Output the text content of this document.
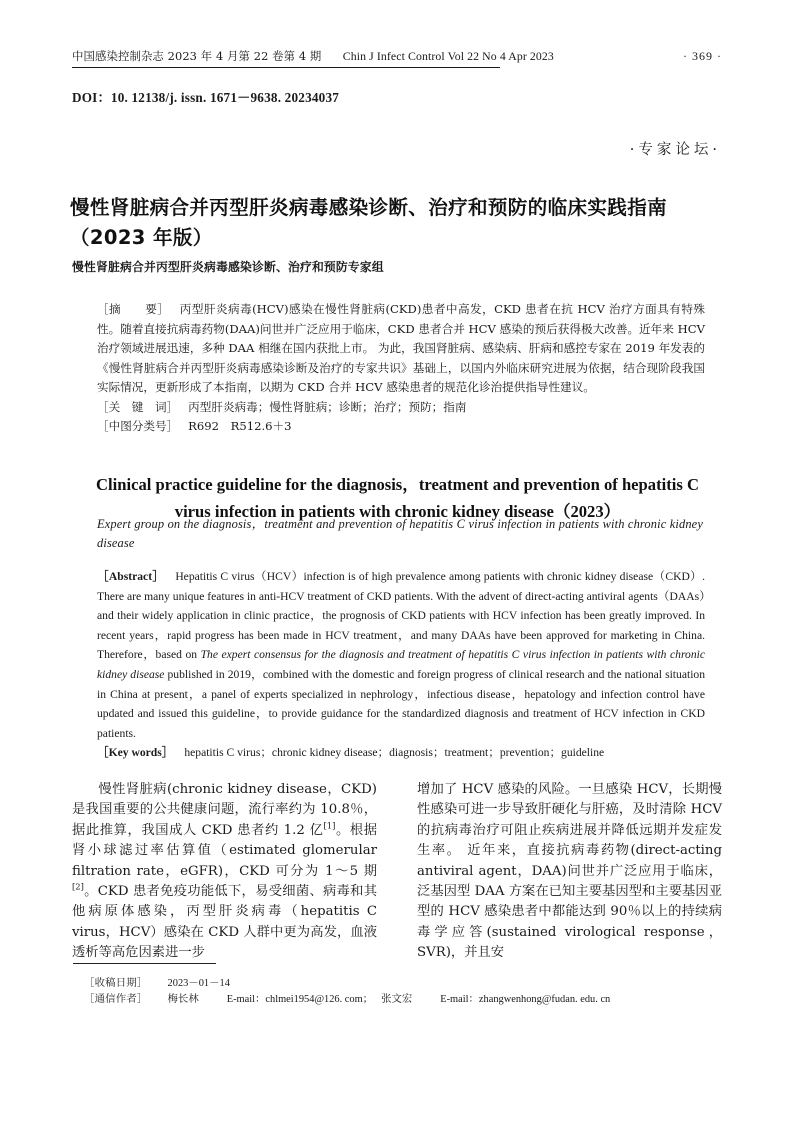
中国感染控制杂志 2023 年 4 月第 22 卷第 4 期 Chin J Infect Control Vol 22 No 4 Apr 2023	· 369 ·
DOI：10. 12138/j. issn. 1671－9638. 20234037
·专家论坛·
慢性肾脏病合并丙型肝炎病毒感染诊断、治疗和预防的临床实践指南（2023 年版）
慢性肾脏病合并丙型肝炎病毒感染诊断、治疗和预防专家组

［摘　　要］ 丙型肝炎病毒(HCV)感染在慢性肾脏病(CKD)患者中高发，CKD 患者在抗 HCV 治疗方面具有特殊性。随着直接抗病毒药物(DAA)问世并广泛应用于临床，CKD 患者合并 HCV 感染的预后获得极大改善。近年来 HCV 治疗领域进展迅速，多种 DAA 相继在国内获批上市。 为此，我国肾脏病、感染病、肝病和感控专家在 2019 年发表的《慢性肾脏病合并丙型肝炎病毒感染诊断及治疗的专家共识》基础上，以国内外临床研究进展为依据，结合现阶段我国实际情况，更新形成了本指南，以期为 CKD 合并 HCV 感染患者的规范化诊治提供指导性建议。

［关　键　词］ 丙型肝炎病毒；慢性肾脏病；诊断；治疗；预防；指南

［中图分类号］ R692　R512.6＋3

Clinical practice guideline for the diagnosis，treatment and prevention of hepatitis C virus infection in patients with chronic kidney disease（2023）
Expert group on the diagnosis，treatment and prevention of hepatitis C virus infection in patients with chronic kidney disease

［Abstract］ Hepatitis C virus（HCV）infection is of high prevalence among patients with chronic kidney disease（CKD）. There are many unique features in anti-HCV treatment of CKD patients. With the advent of direct-acting antiviral agents（DAAs）and their widely application in clinic practice，the prognosis of CKD patients with HCV infection has been greatly improved. In recent years，rapid progress has been made in HCV treatment，and many DAAs have been approved for marketing in China. Therefore，based on The expert consensus for the diagnosis and treatment of hepatitis C virus infection in patients with chronic kidney disease published in 2019，combined with the domestic and foreign progress of clinical research and the national situation in China at present，a panel of experts specialized in nephrology，infectious disease，hepatology and infection control have updated and issued this guideline，to provide guidance for the standardized diagnosis and treatment of HCV infection in CKD patients.

［Key words］ hepatitis C virus；chronic kidney disease；diagnosis；treatment；prevention；guideline

慢性肾脏病(chronic kidney disease，CKD)是我国重要的公共健康问题，流行率约为 10.8％，据此推算，我国成人 CKD 患者约 1.2 亿[1]。根据肾小球滤过率估算值（estimated glomerular filtration rate，eGFR)，CKD 可分为 1～5 期[2]。CKD 患者免疫功能低下，易受细菌、病毒和其他病原体感染，丙型肝炎病毒（hepatitis C virus，HCV）感染在 CKD 人群中更为高发，血液透析等高危因素进一步

增加了 HCV 感染的风险。一旦感染 HCV，长期慢性感染可进一步导致肝硬化与肝癌，及时清除 HCV 的抗病毒治疗可阻止疾病进展并降低远期并发症发生率。 近年来，直接抗病毒药物(direct-acting antiviral agent，DAA)问世并广泛应用于临床，泛基因型 DAA 方案在已知主要基因型和主要基因亚型的 HCV 感染患者中都能达到 90％以上的持续病毒学应答(sustained virological response，SVR)，并且安

［收稿日期］ 2023－01－14
［通信作者］ 梅长林	E-mail：chlmei1954@126. com； 张文宏	E-mail：zhangwenhong@fudan. edu. cn
